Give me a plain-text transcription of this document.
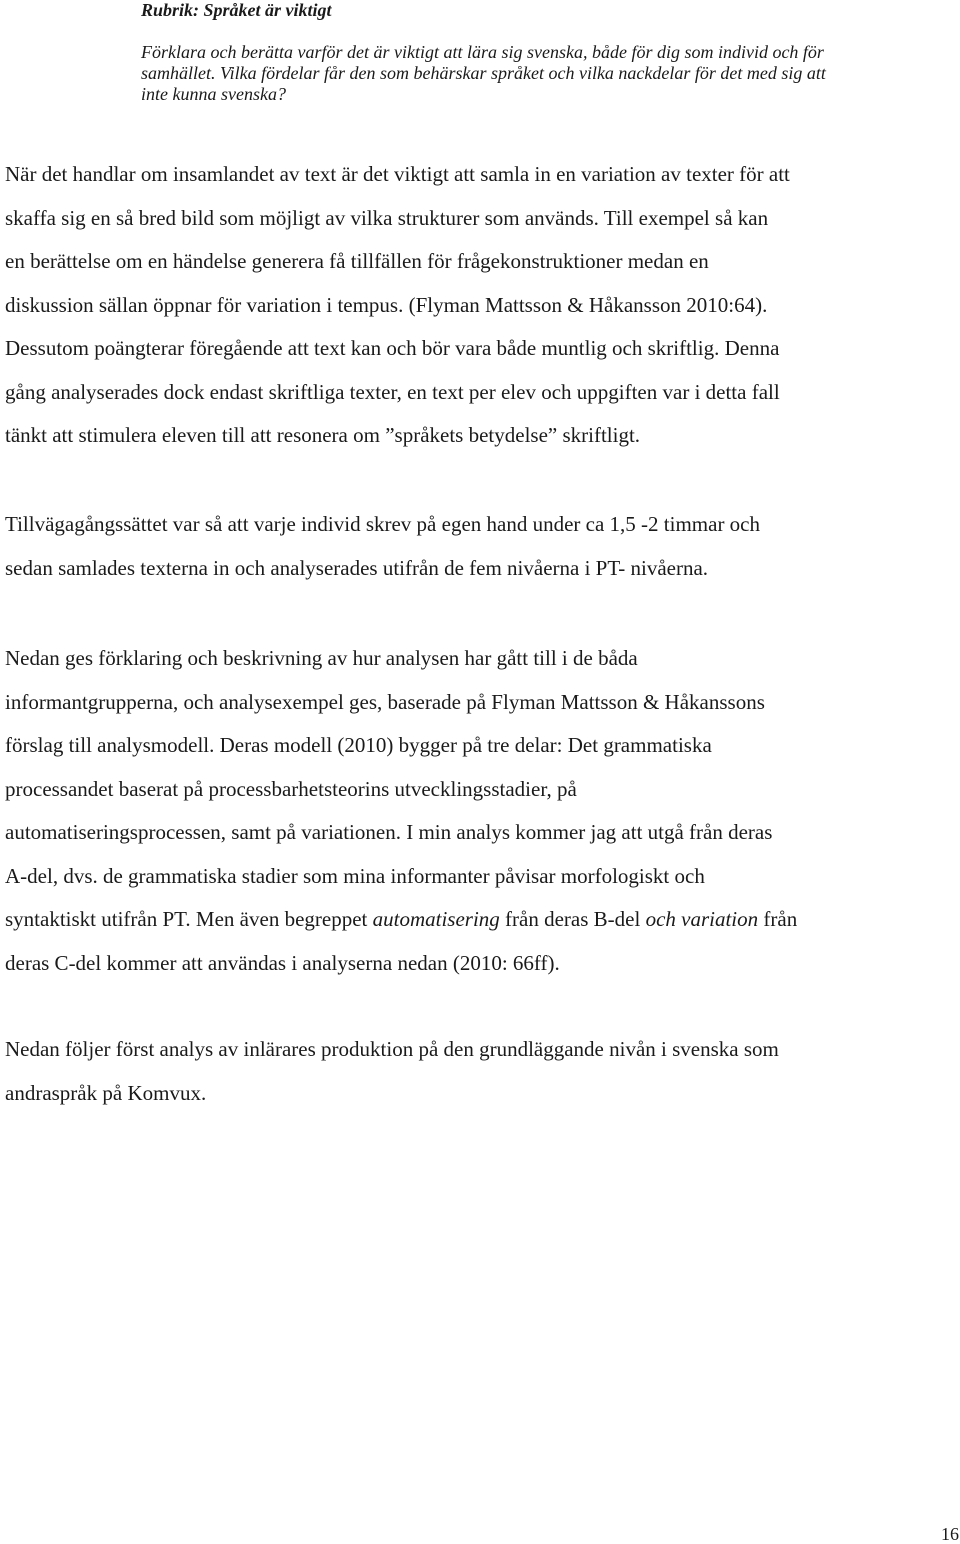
Rubrik: Språket är viktigt
Förklara och berätta varför det är viktigt att lära sig svenska, både för dig som individ och för
samhället. Vilka fördelar får den som behärskar språket och vilka nackdelar för det med sig att
inte kunna svenska?
När det handlar om insamlandet av text är det viktigt att samla in en variation av texter för att
skaffa sig en så bred bild som möjligt av vilka strukturer som används. Till exempel så kan
en berättelse om en händelse generera få tillfällen för frågekonstruktioner medan en
diskussion sällan öppnar för variation i tempus. (Flyman Mattsson & Håkansson 2010:64).
Dessutom poängterar föregående att text kan och bör vara både muntlig och skriftlig. Denna
gång analyserades dock endast skriftliga texter, en text per elev och uppgiften var i detta fall
tänkt att stimulera eleven till att resonera om ”språkets betydelse” skriftligt.
Tillvägagångssättet var så att varje individ skrev på egen hand under ca 1,5 -2 timmar och
sedan samlades texterna in och analyserades utifrån de fem nivåerna i PT- nivåerna.
Nedan ges förklaring och beskrivning av hur analysen har gått till i de båda
informantgrupperna, och analysexempel ges, baserade på Flyman Mattsson & Håkanssons
förslag till analysmodell. Deras modell (2010) bygger på tre delar: Det grammatiska
processandet baserat på processbarhetsteorins utvecklingsstadier, på
automatiseringsprocessen, samt på variationen. I min analys kommer jag att utgå från deras
A-del, dvs. de grammatiska stadier som mina informanter påvisar morfologiskt och
syntaktiskt utifrån PT. Men även begreppet automatisering från deras B-del och variation från
deras C-del kommer att användas i analyserna nedan (2010: 66ff).
Nedan följer först analys av inlärares produktion på den grundläggande nivån i svenska som
andraspråk på Komvux.
16
